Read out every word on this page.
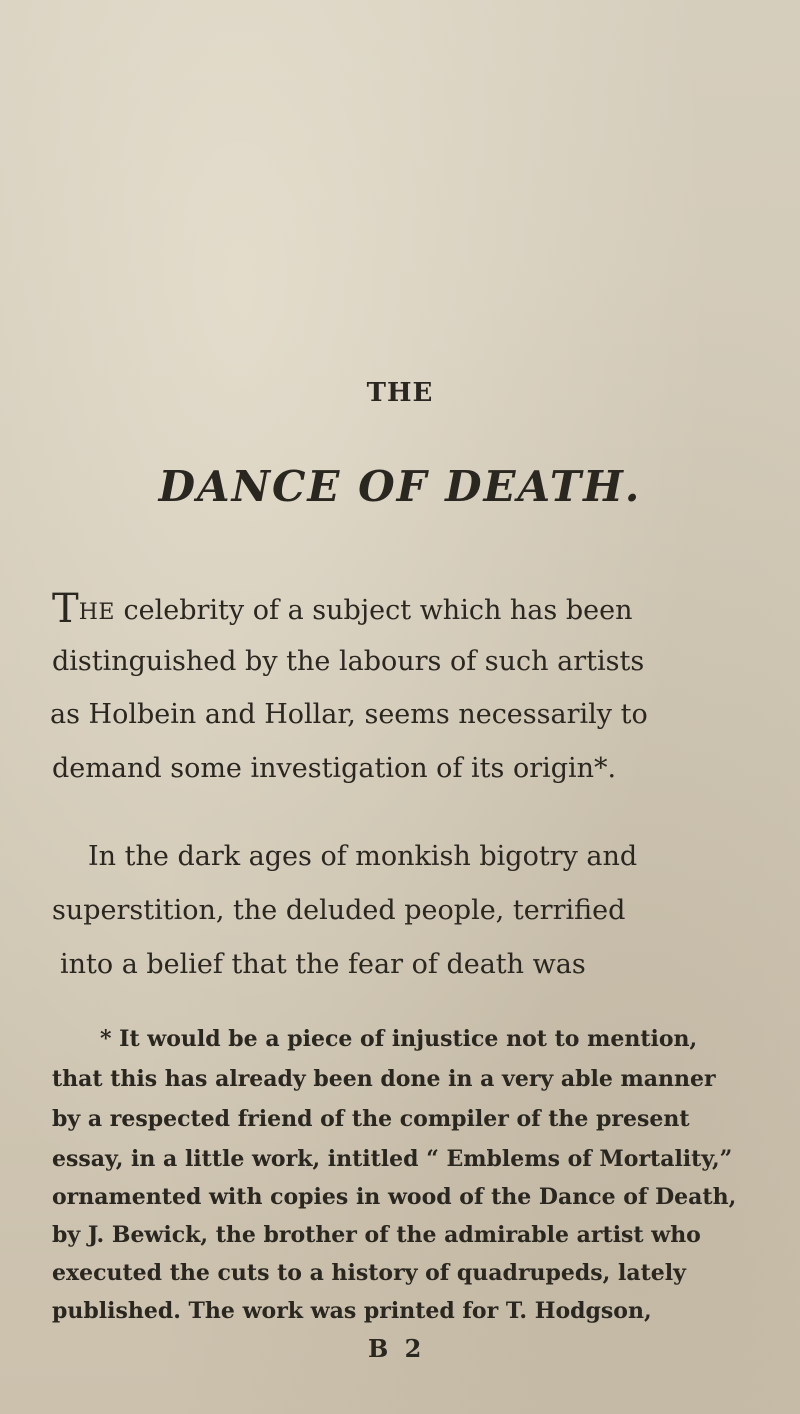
THE
DANCE OF DEATH.
THE celebrity of a subject which has been
distinguished by the labours of such artists
as Holbein and Hollar, seems necessarily to
demand some investigation of its origin*.
In the dark ages of monkish bigotry and
superstition, the deluded people, terrified
into a belief that the fear of death was
* It would be a piece of injustice not to mention,
that this has already been done in a very able manner
by a respected friend of the compiler of the present
essay, in a little work, intitled “ Emblems of Mortality,”
ornamented with copies in wood of the Dance of Death,
by J. Bewick, the brother of the admirable artist who
executed the cuts to a history of quadrupeds, lately
published. The work was printed for T. Hodgson,
B 2
